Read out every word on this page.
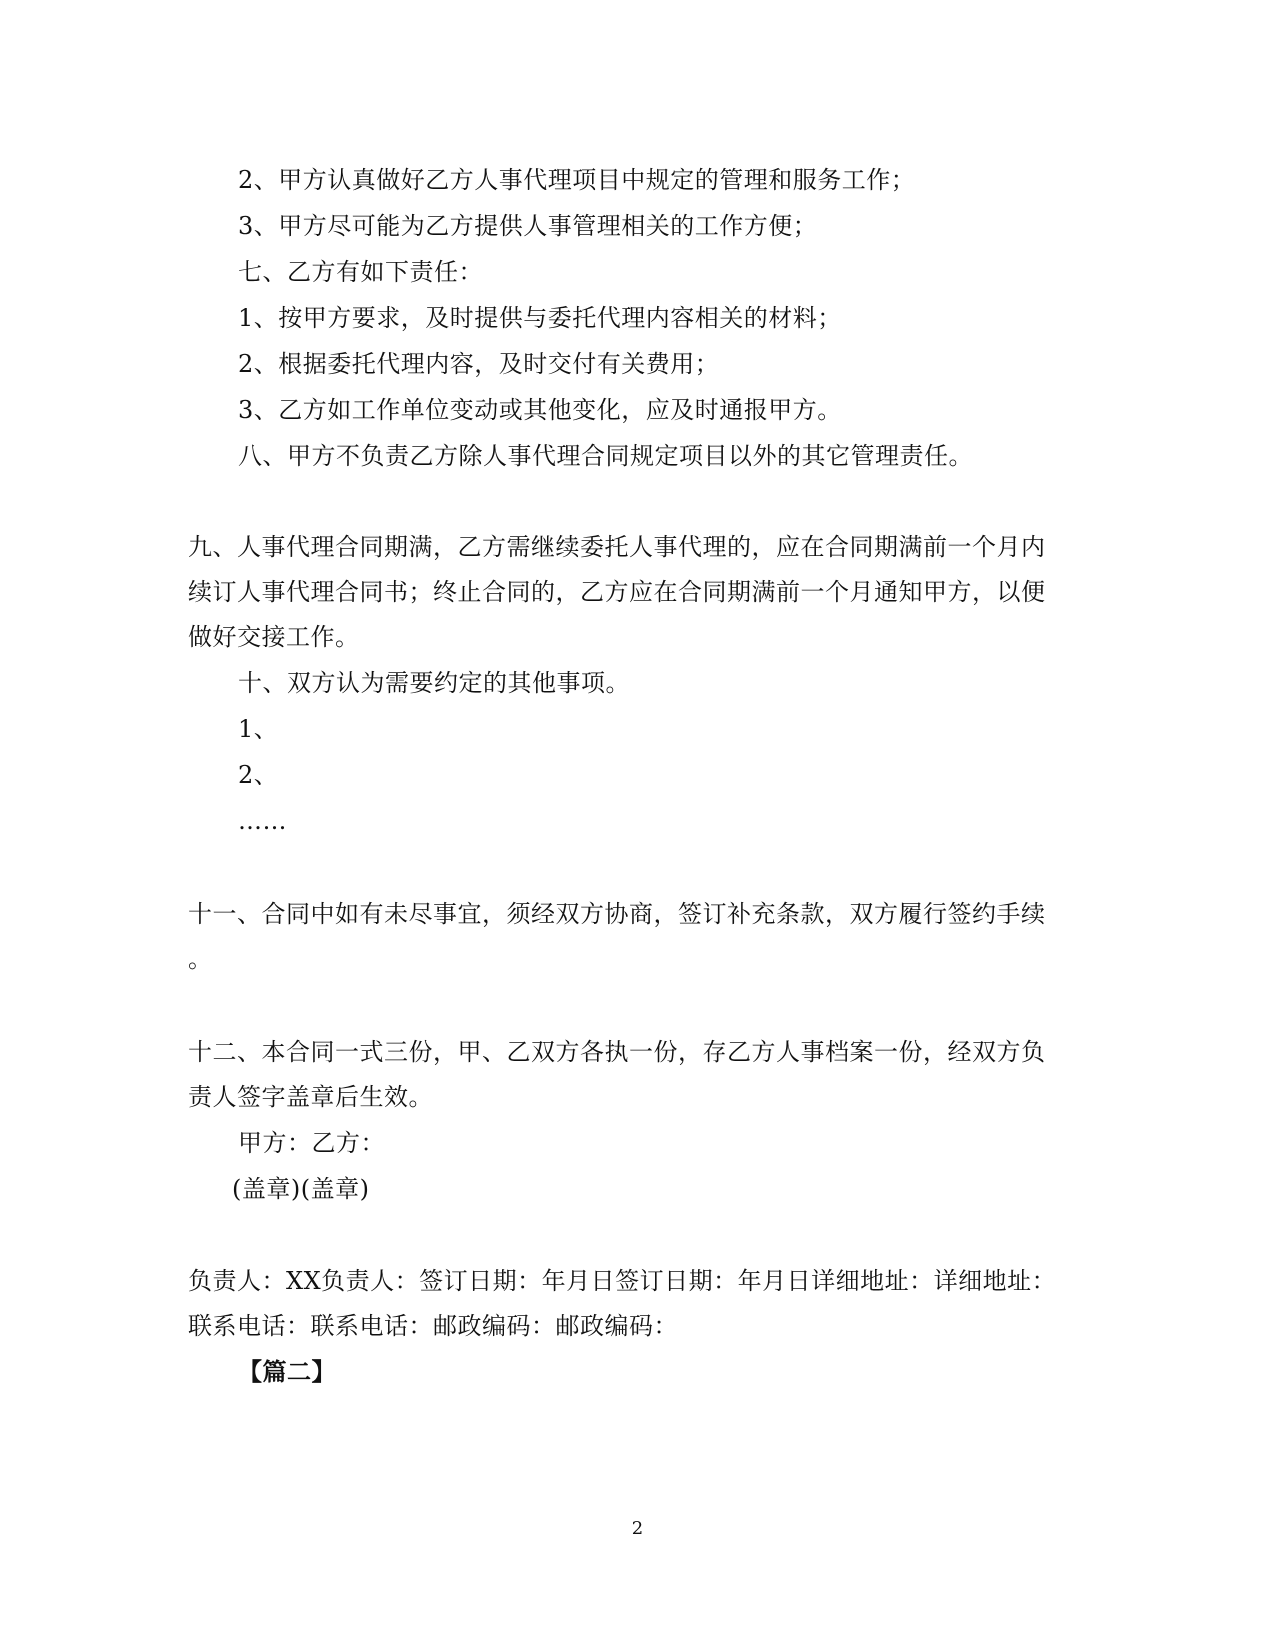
2、甲方认真做好乙方人事代理项目中规定的管理和服务工作；
3、甲方尽可能为乙方提供人事管理相关的工作方便；
七、乙方有如下责任：
1、按甲方要求，及时提供与委托代理内容相关的材料；
2、根据委托代理内容，及时交付有关费用；
3、乙方如工作单位变动或其他变化，应及时通报甲方。
八、甲方不负责乙方除人事代理合同规定项目以外的其它管理责任。
九、人事代理合同期满，乙方需继续委托人事代理的，应在合同期满前一个月内
续订人事代理合同书；终止合同的，乙方应在合同期满前一个月通知甲方，以便
做好交接工作。
十、双方认为需要约定的其他事项。
1、
2、
……
十一、合同中如有未尽事宜，须经双方协商，签订补充条款，双方履行签约手续
。
十二、本合同一式三份，甲、乙双方各执一份，存乙方人事档案一份，经双方负
责人签字盖章后生效。
甲方：乙方：
(盖章)(盖章)
负责人：XX负责人：签订日期：年月日签订日期：年月日详细地址：详细地址：
联系电话：联系电话：邮政编码：邮政编码：
【篇二】
2
